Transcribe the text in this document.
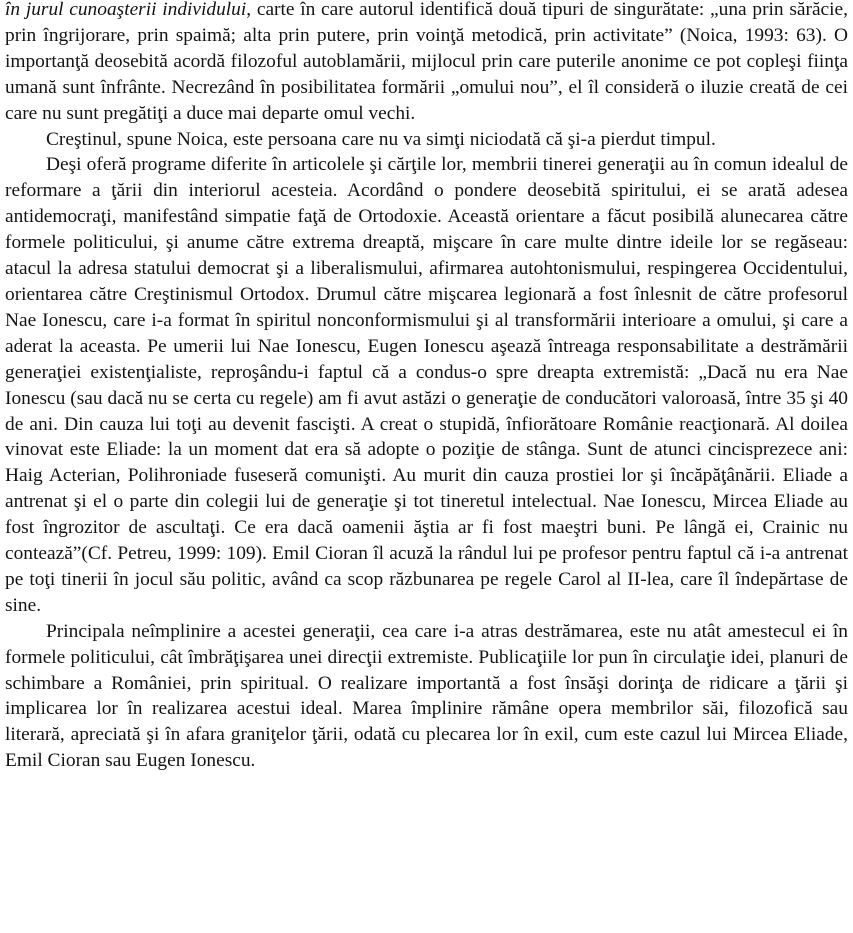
în jurul cunoaşterii individului, carte în care autorul identifică două tipuri de singurătate: „una prin sărăcie, prin îngrijorare, prin spaimă; alta prin putere, prin voinţă metodică, prin activitate” (Noica, 1993: 63). O importanţă deosebită acordă filozoful autoblamării, mijlocul prin care puterile anonime ce pot copleşi fiinţa umană sunt înfrânte. Necrezând în posibilitatea formării „omului nou”, el îl consideră o iluzie creată de cei care nu sunt pregătiţi a duce mai departe omul vechi.

Creştinul, spune Noica, este persoana care nu va simţi niciodată că şi-a pierdut timpul.

Deşi oferă programe diferite în articolele şi cărţile lor, membrii tinerei generaţii au în comun idealul de reformare a ţării din interiorul acesteia. Acordând o pondere deosebită spiritului, ei se arată adesea antidemocraţi, manifestând simpatie faţă de Ortodoxie. Această orientare a făcut posibilă alunecarea către formele politicului, şi anume către extrema dreaptă, mişcare în care multe dintre ideile lor se regăseau: atacul la adresa statului democrat şi a liberalismului, afirmarea autohtonismului, respingerea Occidentului, orientarea către Creştinismul Ortodox. Drumul către mişcarea legionară a fost înlesnit de către profesorul Nae Ionescu, care i-a format în spiritul nonconformismului şi al transformării interioare a omului, şi care a aderat la aceasta. Pe umerii lui Nae Ionescu, Eugen Ionescu aşează întreaga responsabilitate a destrămării generaţiei existenţialiste, reproşându-i faptul că a condus-o spre dreapta extremistă: „Dacă nu era Nae Ionescu (sau dacă nu se certa cu regele) am fi avut astăzi o generaţie de conducători valoroasă, între 35 şi 40 de ani. Din cauza lui toţi au devenit fascişti. A creat o stupidă, înfiorătoare Românie reacţionară. Al doilea vinovat este Eliade: la un moment dat era să adopte o poziţie de stânga. Sunt de atunci cincisprezece ani: Haig Acterian, Polihroniade fuseseră comunişti. Au murit din cauza prostiei lor şi încăpăţânării. Eliade a antrenat şi el o parte din colegii lui de generaţie şi tot tineretul intelectual. Nae Ionescu, Mircea Eliade au fost îngrozitor de ascultaţi. Ce era dacă oamenii ăştia ar fi fost maeştri buni. Pe lângă ei, Crainic nu contează”(Cf. Petreu, 1999: 109). Emil Cioran îl acuză la rândul lui pe profesor pentru faptul că i-a antrenat pe toţi tinerii în jocul său politic, având ca scop răzbunarea pe regele Carol al II-lea, care îl îndepărtase de sine.

Principala neîmplinire a acestei generaţii, cea care i-a atras destrămarea, este nu atât amestecul ei în formele politicului, cât îmbrăţişarea unei direcţii extremiste. Publicaţiile lor pun în circulaţie idei, planuri de schimbare a României, prin spiritual. O realizare importantă a fost însăşi dorinţa de ridicare a ţării şi implicarea lor în realizarea acestui ideal. Marea împlinire rămâne opera membrilor săi, filozofică sau literară, apreciată şi în afara graniţelor ţării, odată cu plecarea lor în exil, cum este cazul lui Mircea Eliade, Emil Cioran sau Eugen Ionescu.
